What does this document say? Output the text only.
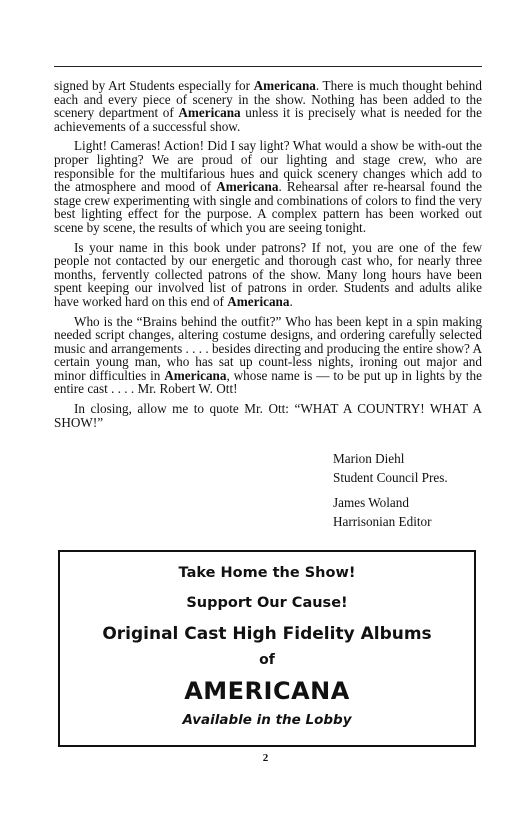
signed by Art Students especially for Americana. There is much thought behind each and every piece of scenery in the show. Nothing has been added to the scenery department of Americana unless it is precisely what is needed for the achievements of a successful show.

Light! Cameras! Action! Did I say light? What would a show be with-out the proper lighting? We are proud of our lighting and stage crew, who are responsible for the multifarious hues and quick scenery changes which add to the atmosphere and mood of Americana. Rehearsal after re-hearsal found the stage crew experimenting with single and combinations of colors to find the very best lighting effect for the purpose. A complex pattern has been worked out scene by scene, the results of which you are seeing tonight.

Is your name in this book under patrons? If not, you are one of the few people not contacted by our energetic and thorough cast who, for nearly three months, fervently collected patrons of the show. Many long hours have been spent keeping our involved list of patrons in order. Students and adults alike have worked hard on this end of Americana.

Who is the “Brains behind the outfit?” Who has been kept in a spin making needed script changes, altering costume designs, and ordering carefully selected music and arrangements . . . . besides directing and producing the entire show? A certain young man, who has sat up count-less nights, ironing out major and minor difficulties in Americana, whose name is — to be put up in lights by the entire cast . . . . Mr. Robert W. Ott!

In closing, allow me to quote Mr. Ott: “WHAT A COUNTRY! WHAT A SHOW!”

Marion Diehl
Student Council Pres.
James Woland
Harrisonian Editor
Take Home the Show!
Support Our Cause!
Original Cast High Fidelity Albums
of
AMERICANA
Available in the Lobby
2
